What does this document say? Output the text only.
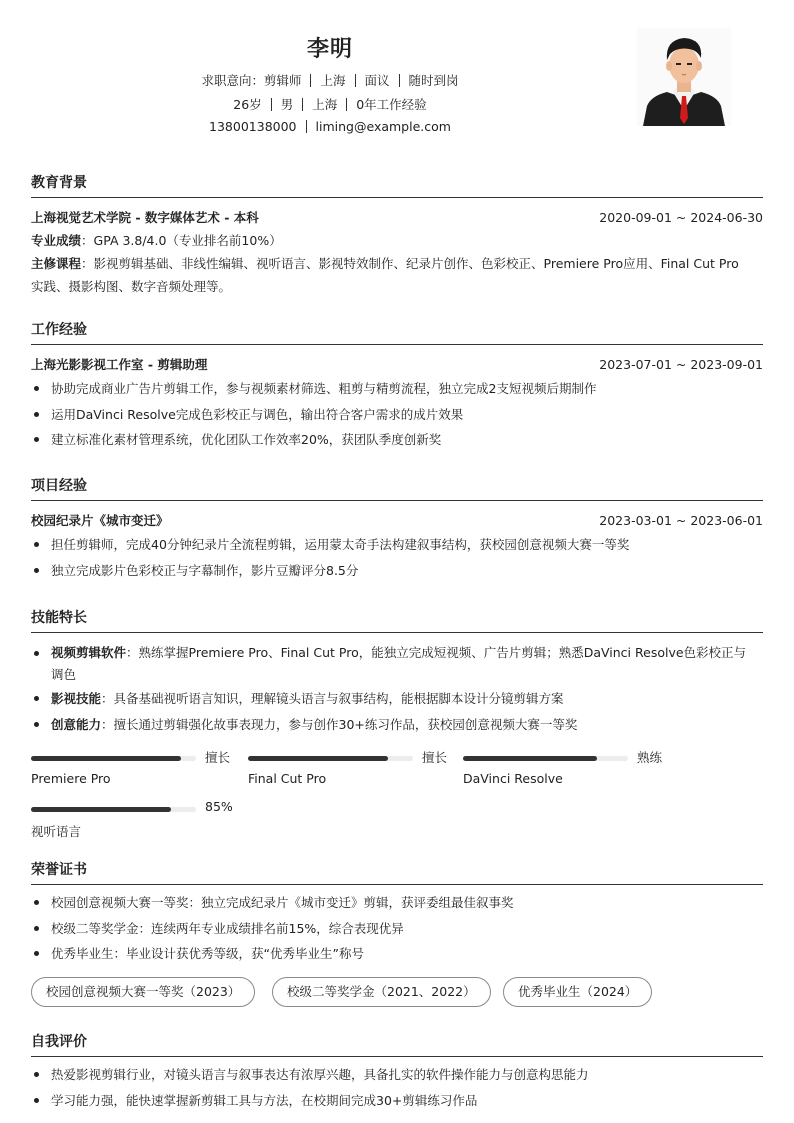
李明
求职意向：剪辑师 上海 面议 随时到岗
26岁 男 上海 0年工作经验
13800138000 liming@example.com
教育背景
上海视觉艺术学院 - 数字媒体艺术 - 本科	2020-09-01 ~ 2024-06-30
专业成绩：GPA 3.8/4.0（专业排名前10%）
主修课程：影视剪辑基础、非线性编辑、视听语言、影视特效制作、纪录片创作、色彩校正、Premiere Pro应用、Final Cut Pro
实践、摄影构图、数字音频处理等。
工作经验
上海光影影视工作室 - 剪辑助理	2023-07-01 ~ 2023-09-01
协助完成商业广告片剪辑工作，参与视频素材筛选、粗剪与精剪流程，独立完成2支短视频后期制作
运用DaVinci Resolve完成色彩校正与调色，输出符合客户需求的成片效果
建立标准化素材管理系统，优化团队工作效率20%，获团队季度创新奖
项目经验
校园纪录片《城市变迁》	2023-03-01 ~ 2023-06-01
担任剪辑师，完成40分钟纪录片全流程剪辑，运用蒙太奇手法构建叙事结构，获校园创意视频大赛一等奖
独立完成影片色彩校正与字幕制作，影片豆瓣评分8.5分
技能特长
视频剪辑软件：熟练掌握Premiere Pro、Final Cut Pro，能独立完成短视频、广告片剪辑；熟悉DaVinci Resolve色彩校正与
调色
影视技能：具备基础视听语言知识，理解镜头语言与叙事结构，能根据脚本设计分镜剪辑方案
创意能力：擅长通过剪辑强化故事表现力，参与创作30+练习作品，获校园创意视频大赛一等奖
擅长
Premiere Pro
擅长
Final Cut Pro
熟练
DaVinci Resolve
85%
视听语言
荣誉证书
校园创意视频大赛一等奖：独立完成纪录片《城市变迁》剪辑，获评委组最佳叙事奖
校级二等奖学金：连续两年专业成绩排名前15%，综合表现优异
优秀毕业生：毕业设计获优秀等级，获“优秀毕业生”称号
校园创意视频大赛一等奖（2023）	校级二等奖学金（2021、2022）	优秀毕业生（2024）
自我评价
热爱影视剪辑行业，对镜头语言与叙事表达有浓厚兴趣，具备扎实的软件操作能力与创意构思能力
学习能力强，能快速掌握新剪辑工具与方法，在校期间完成30+剪辑练习作品
